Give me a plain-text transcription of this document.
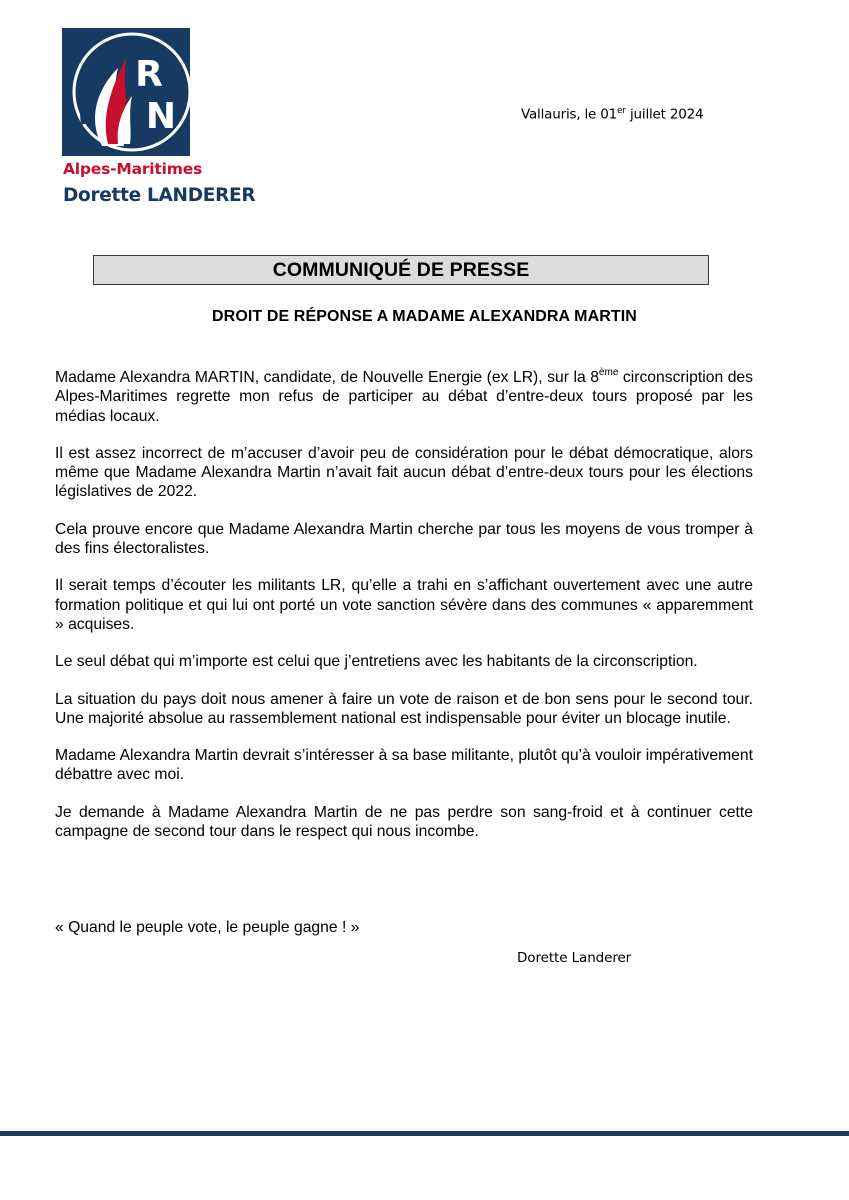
R
N
Alpes-Maritimes
Dorette LANDERER
Vallauris, le 01er juillet 2024
COMMUNIQUÉ DE PRESSE
DROIT DE RÉPONSE A MADAME ALEXANDRA MARTIN

Madame Alexandra MARTIN, candidate, de Nouvelle Energie (ex LR), sur la 8ème circonscription des Alpes-Maritimes regrette mon refus de participer au débat d’entre-deux tours proposé par les médias locaux.

Il est assez incorrect de m’accuser d’avoir peu de considération pour le débat démocratique, alors même que Madame Alexandra Martin n’avait fait aucun débat d’entre-deux tours pour les élections législatives de 2022.

Cela prouve encore que Madame Alexandra Martin cherche par tous les moyens de vous tromper à des fins électoralistes.

Il serait temps d’écouter les militants LR, qu’elle a trahi en s’affichant ouvertement avec une autre formation politique et qui lui ont porté un vote sanction sévère dans des communes « apparemment » acquises.

Le seul débat qui m’importe est celui que j’entretiens avec les habitants de la circonscription.

La situation du pays doit nous amener à faire un vote de raison et de bon sens pour le second tour. Une majorité absolue au rassemblement national est indispensable pour éviter un blocage inutile.

Madame Alexandra Martin devrait s’intéresser à sa base militante, plutôt qu’à vouloir impérativement débattre avec moi.

Je demande à Madame Alexandra Martin de ne pas perdre son sang-froid et à continuer cette campagne de second tour dans le respect qui nous incombe.

« Quand le peuple vote, le peuple gagne ! »
Dorette Landerer
